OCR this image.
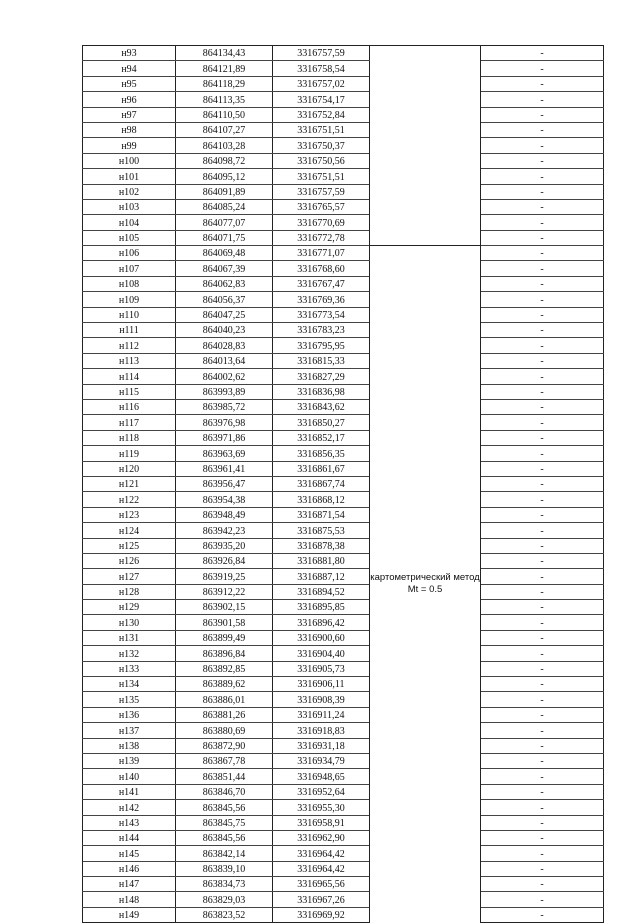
н93	864134,43	3316757,59		-
н94	864121,89	3316758,54		-
н95	864118,29	3316757,02		-
н96	864113,35	3316754,17		-
н97	864110,50	3316752,84		-
н98	864107,27	3316751,51		-
н99	864103,28	3316750,37		-
н100	864098,72	3316750,56		-
н101	864095,12	3316751,51		-
н102	864091,89	3316757,59		-
н103	864085,24	3316765,57		-
н104	864077,07	3316770,69		-
н105	864071,75	3316772,78		-
н106	864069,48	3316771,07	картометрический метод Mt = 0.5	-
н107	864067,39	3316768,60		-
н108	864062,83	3316767,47		-
н109	864056,37	3316769,36		-
н110	864047,25	3316773,54		-
н111	864040,23	3316783,23		-
н112	864028,83	3316795,95		-
н113	864013,64	3316815,33		-
н114	864002,62	3316827,29		-
н115	863993,89	3316836,98		-
н116	863985,72	3316843,62		-
н117	863976,98	3316850,27		-
н118	863971,86	3316852,17		-
н119	863963,69	3316856,35		-
н120	863961,41	3316861,67		-
н121	863956,47	3316867,74		-
н122	863954,38	3316868,12		-
н123	863948,49	3316871,54		-
н124	863942,23	3316875,53		-
н125	863935,20	3316878,38		-
н126	863926,84	3316881,80		-
н127	863919,25	3316887,12		-
н128	863912,22	3316894,52		-
н129	863902,15	3316895,85		-
н130	863901,58	3316896,42		-
н131	863899,49	3316900,60		-
н132	863896,84	3316904,40		-
н133	863892,85	3316905,73		-
н134	863889,62	3316906,11		-
н135	863886,01	3316908,39		-
н136	863881,26	3316911,24		-
н137	863880,69	3316918,83		-
н138	863872,90	3316931,18		-
н139	863867,78	3316934,79		-
н140	863851,44	3316948,65		-
н141	863846,70	3316952,64		-
н142	863845,56	3316955,30		-
н143	863845,75	3316958,91		-
н144	863845,56	3316962,90		-
н145	863842,14	3316964,42		-
н146	863839,10	3316964,42		-
н147	863834,73	3316965,56		-
н148	863829,03	3316967,26		-
н149	863823,52	3316969,92		-
